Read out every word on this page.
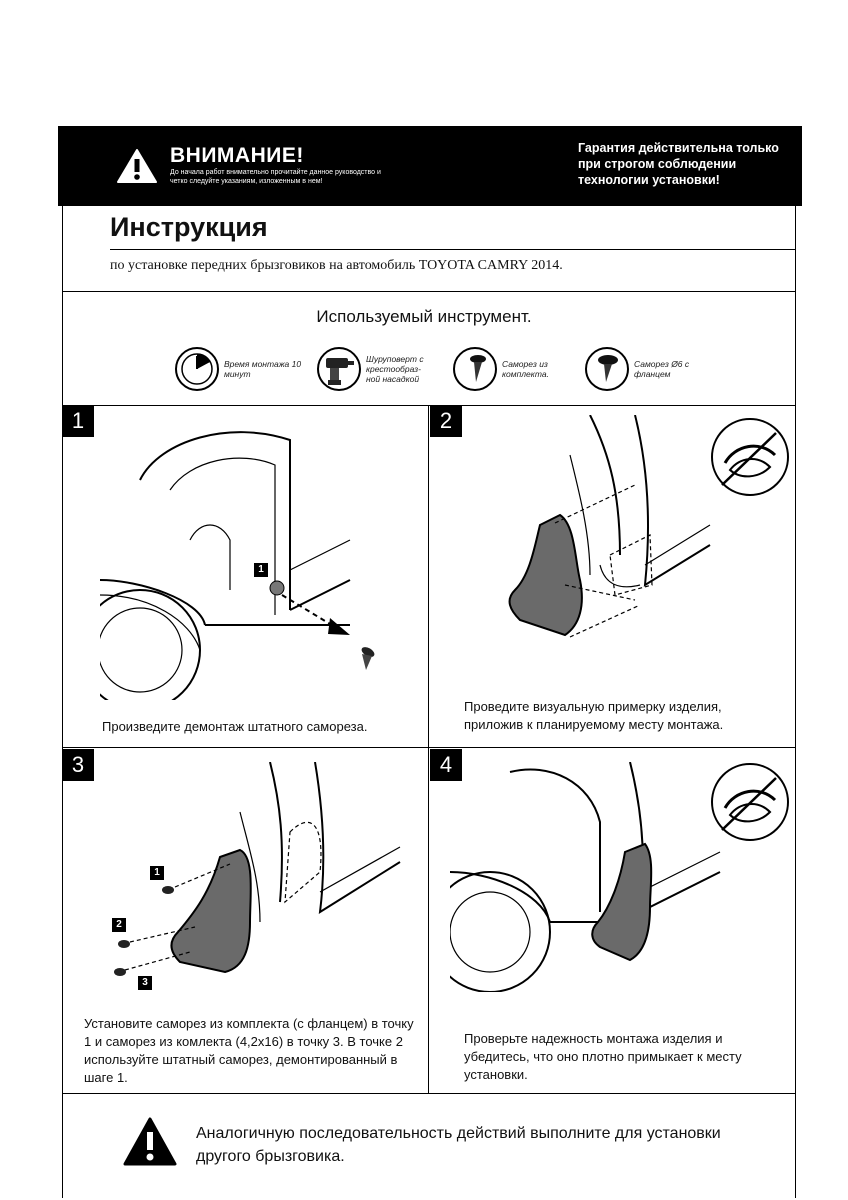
ВНИМАНИЕ!
До начала работ внимательно прочитайте данное руководство и четко следуйте указаниям, изложенным в нем!
Гарантия действительна только при строгом соблюдении технологии установки!
Инструкция
по установке передних брызговиков на автомобиль TOYOTA CAMRY 2014.
Используемый инструмент.
Время монтажа 10 минут
Шуруповерт с крестообраз- ной насадкой
Саморез из комплекта.
Саморез Ø6 с фланцем
1	2
3	4
1
1
2
3
Произведите демонтаж штатного самореза.
Проведите визуальную примерку изделия, приложив к планируемому месту монтажа.
Установите саморез из комплекта (с фланцем) в точку 1 и саморез из комлекта (4,2х16) в точку 3. В точке 2 используйте штатный саморез, демонтированный в шаге 1.
Проверьте надежность монтажа изделия и убедитесь, что оно плотно примыкает к месту установки.
Аналогичную последовательность действий выполните для установки другого брызговика.
